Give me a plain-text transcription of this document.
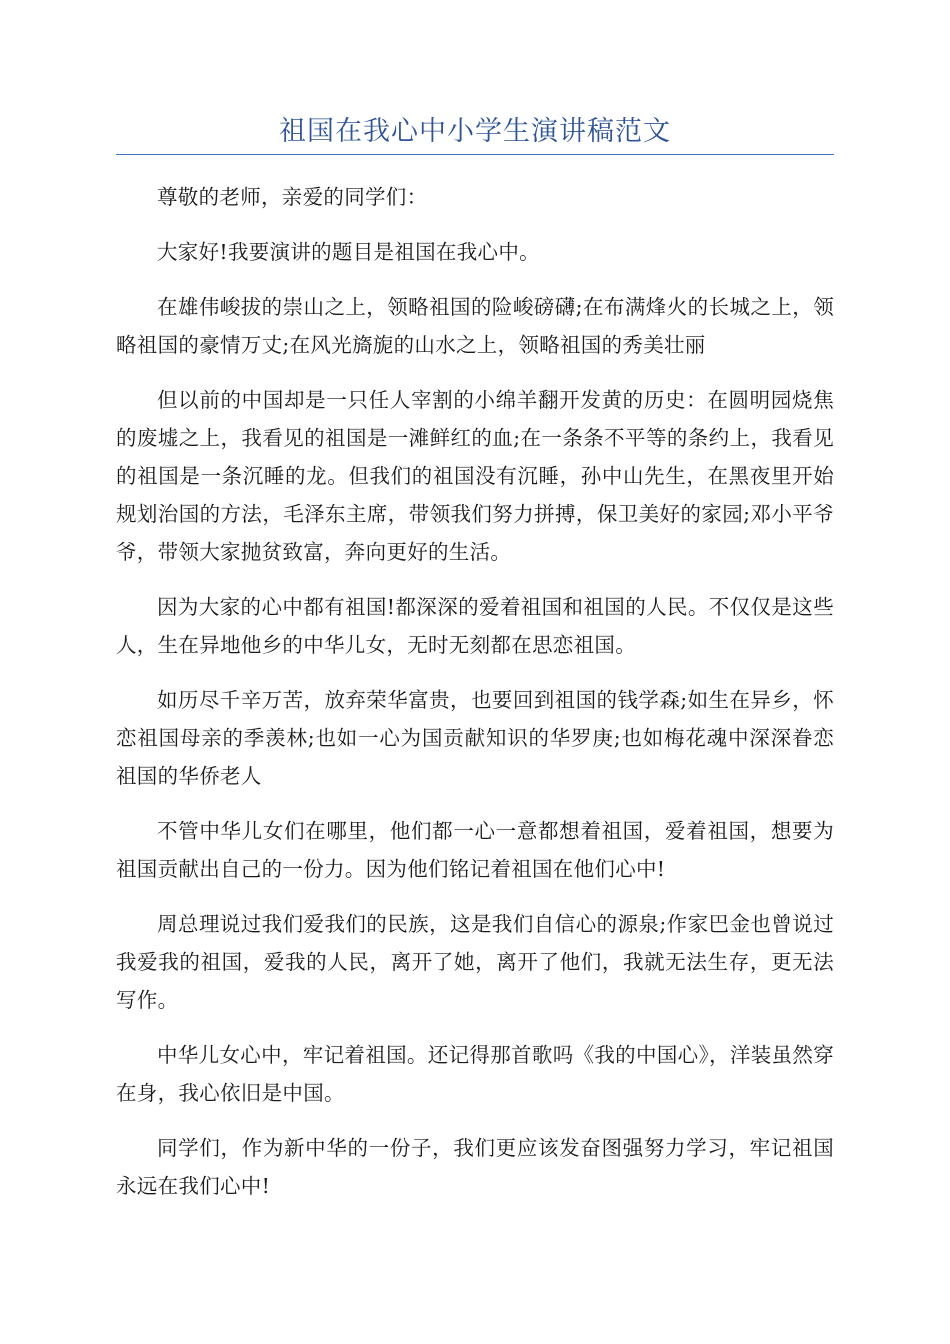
祖国在我心中小学生演讲稿范文

尊敬的老师，亲爱的同学们：

大家好!我要演讲的题目是祖国在我心中。

在雄伟峻拔的崇山之上，领略祖国的险峻磅礴;在布满烽火的长城之上，领略祖国的豪情万丈;在风光旖旎的山水之上，领略祖国的秀美壮丽

但以前的中国却是一只任人宰割的小绵羊翻开发黄的历史：在圆明园烧焦的废墟之上，我看见的祖国是一滩鲜红的血;在一条条不平等的条约上，我看见的祖国是一条沉睡的龙。但我们的祖国没有沉睡，孙中山先生，在黑夜里开始规划治国的方法，毛泽东主席，带领我们努力拼搏，保卫美好的家园;邓小平爷爷，带领大家抛贫致富，奔向更好的生活。

因为大家的心中都有祖国!都深深的爱着祖国和祖国的人民。不仅仅是这些人，生在异地他乡的中华儿女，无时无刻都在思恋祖国。

如历尽千辛万苦，放弃荣华富贵，也要回到祖国的钱学森;如生在异乡，怀恋祖国母亲的季羡林;也如一心为国贡献知识的华罗庚;也如梅花魂中深深眷恋祖国的华侨老人

不管中华儿女们在哪里，他们都一心一意都想着祖国，爱着祖国，想要为祖国贡献出自己的一份力。因为他们铭记着祖国在他们心中!

周总理说过我们爱我们的民族，这是我们自信心的源泉;作家巴金也曾说过我爱我的祖国，爱我的人民，离开了她，离开了他们，我就无法生存，更无法写作。

中华儿女心中，牢记着祖国。还记得那首歌吗《我的中国心》，洋装虽然穿在身，我心依旧是中国。

同学们，作为新中华的一份子，我们更应该发奋图强努力学习，牢记祖国永远在我们心中!
